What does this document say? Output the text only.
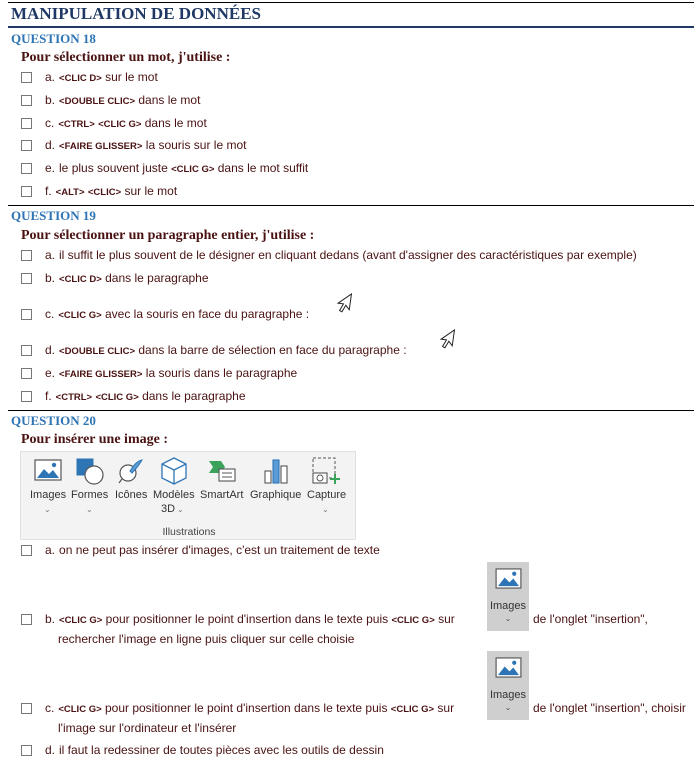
MANIPULATION DE DONNÉES
QUESTION 18
Pour sélectionner un mot, j'utilise :
a. <CLIC D> sur le mot
b. <DOUBLE CLIC> dans le mot
c. <CTRL> <CLIC G> dans le mot
d. <FAIRE GLISSER> la souris sur le mot
e. le plus souvent juste <CLIC G> dans le mot suffit
f. <ALT> <CLIC> sur le mot
QUESTION 19
Pour sélectionner un paragraphe entier, j'utilise :
a. il suffit le plus souvent de le désigner en cliquant dedans (avant d'assigner des caractéristiques par exemple)
b. <CLIC D> dans le paragraphe
c. <CLIC G> avec la souris en face du paragraphe :
d. <DOUBLE CLIC> dans la barre de sélection en face du paragraphe :
e. <FAIRE GLISSER> la souris dans le paragraphe
f. <CTRL> <CLIC G> dans le paragraphe
QUESTION 20
Pour insérer une image :
Images
⌄
Formes
⌄
Icônes Modèles
3D ⌄
SmartArt Graphique Capture
⌄
Illustrations
a. on ne peut pas insérer d'images, c'est un traitement de texte
Images
⌄
b. <CLIC G> pour positionner le point d'insertion dans le texte puis <CLIC G> sur	de l'onglet "insertion",
rechercher l'image en ligne puis cliquer sur celle choisie
Images
⌄
c. <CLIC G> pour positionner le point d'insertion dans le texte puis <CLIC G> sur	de l'onglet "insertion", choisir
l'image sur l'ordinateur et l'insérer
d. il faut la redessiner de toutes pièces avec les outils de dessin
